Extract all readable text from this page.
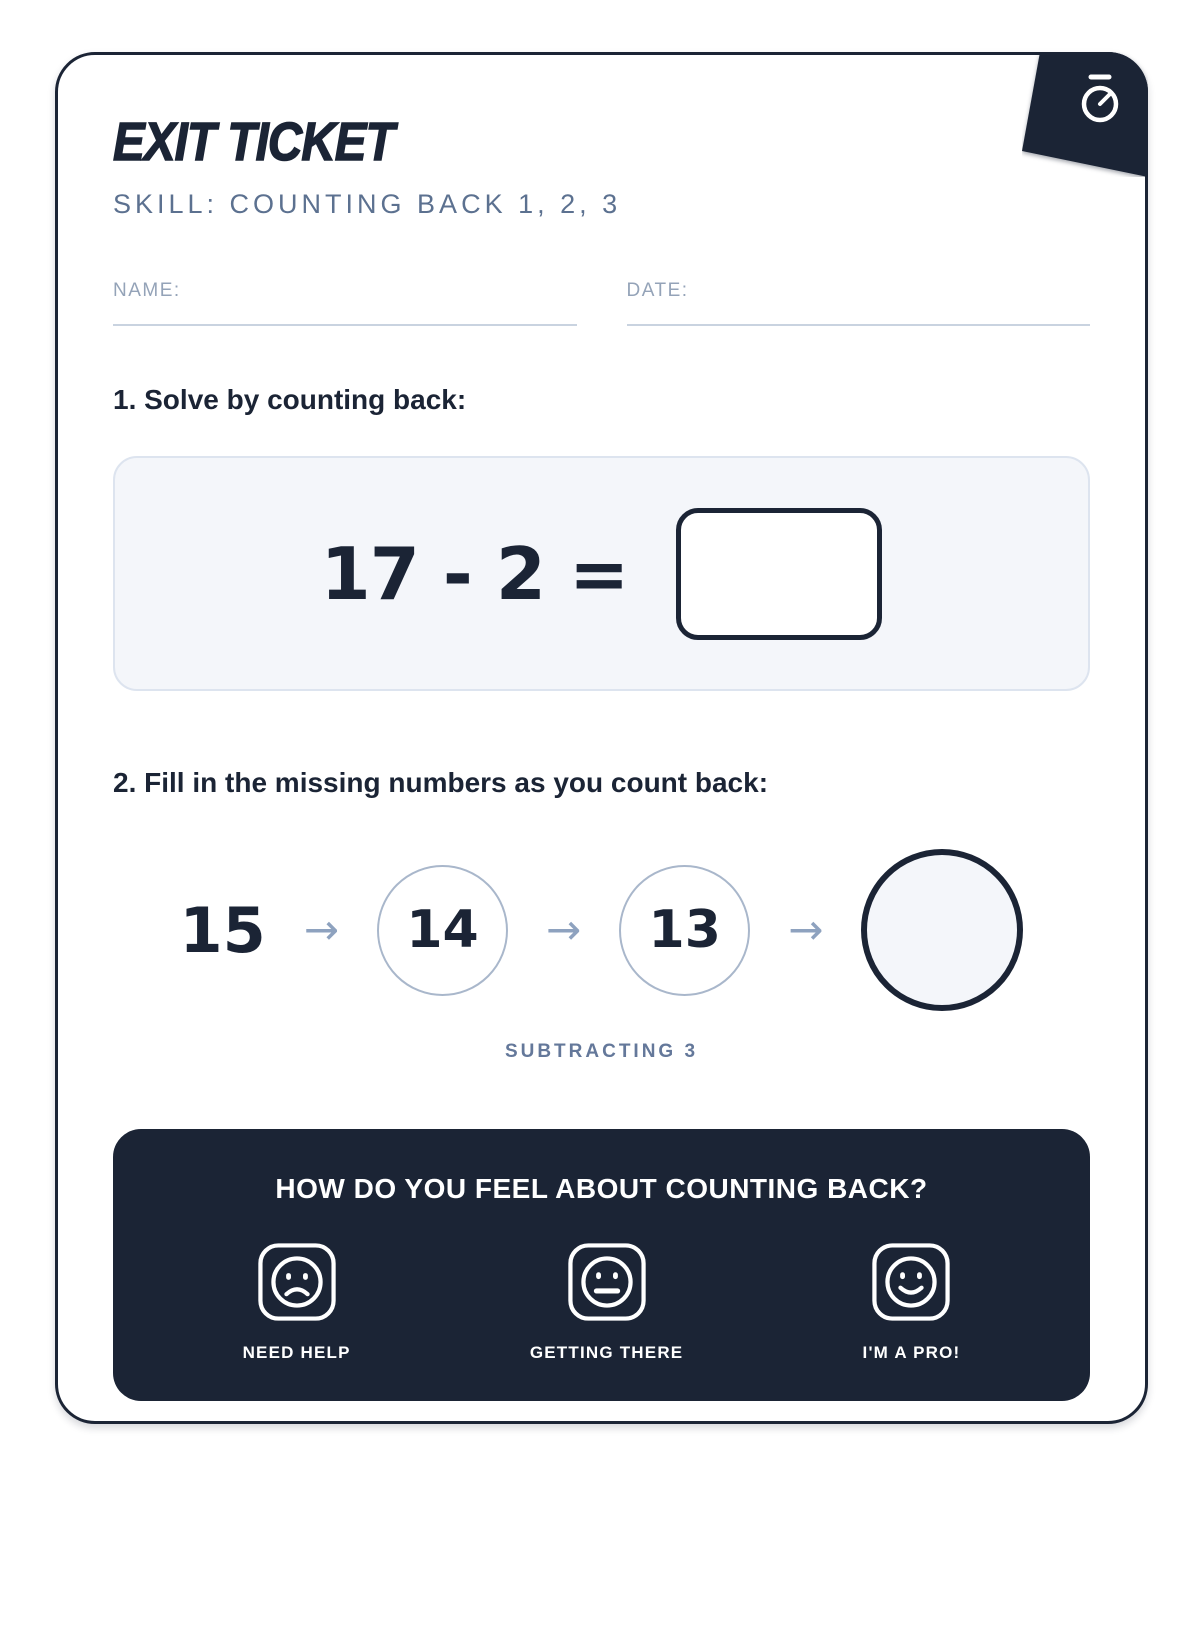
EXIT TICKET
SKILL: COUNTING BACK 1, 2, 3
NAME:	DATE:
1. Solve by counting back:
17 - 2 =
2. Fill in the missing numbers as you count back:
15 → 14 → 13 →
SUBTRACTING 3
HOW DO YOU FEEL ABOUT COUNTING BACK?
NEED HELP	GETTING THERE	I'M A PRO!
